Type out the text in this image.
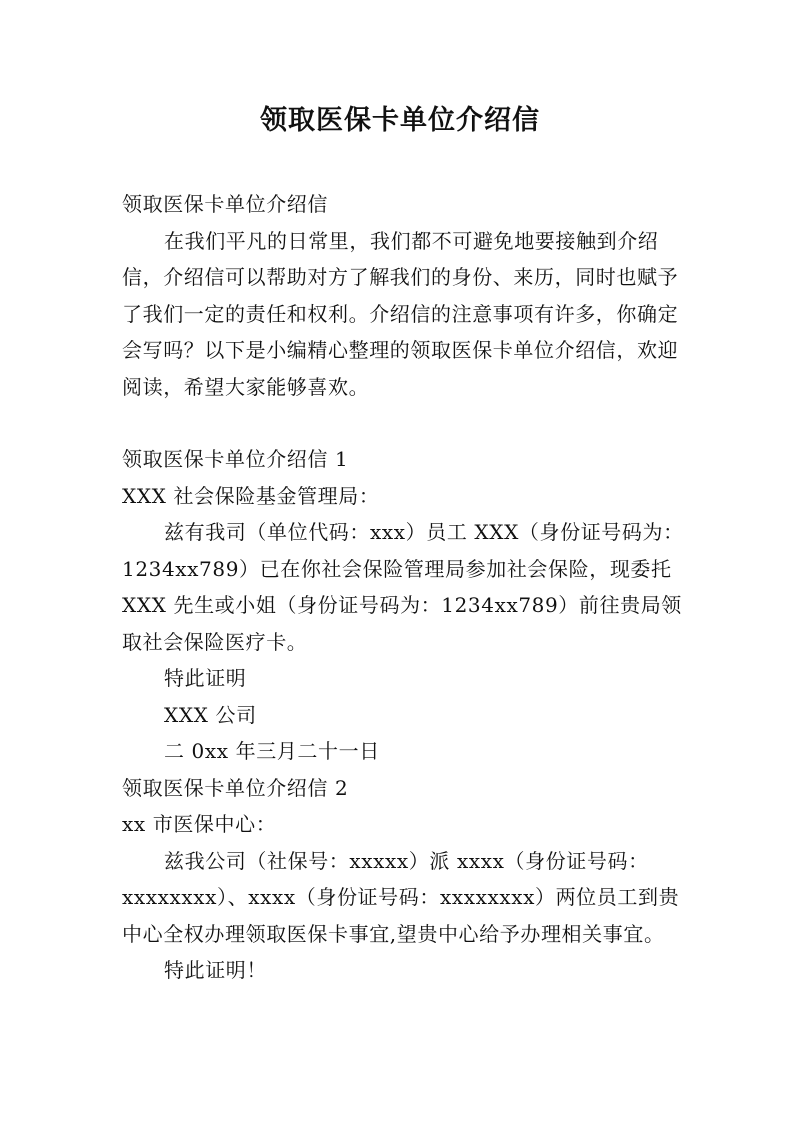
领取医保卡单位介绍信

领取医保卡单位介绍信

在我们平凡的日常里，我们都不可避免地要接触到介绍信，介绍信可以帮助对方了解我们的身份、来历，同时也赋予了我们一定的责任和权利。介绍信的注意事项有许多，你确定会写吗？以下是小编精心整理的领取医保卡单位介绍信，欢迎阅读，希望大家能够喜欢。

领取医保卡单位介绍信 1

XXX 社会保险基金管理局：

兹有我司（单位代码：xxx）员工 XXX（身份证号码为：1234xx789）已在你社会保险管理局参加社会保险，现委托 XXX 先生或小姐（身份证号码为：1234xx789）前往贵局领取社会保险医疗卡。

特此证明

XXX 公司

二 0xx 年三月二十一日

领取医保卡单位介绍信 2

xx 市医保中心：

兹我公司（社保号：xxxxx）派 xxxx（身份证号码：xxxxxxxx）、xxxx（身份证号码：xxxxxxxx）两位员工到贵中心全权办理领取医保卡事宜,望贵中心给予办理相关事宜。

特此证明！
